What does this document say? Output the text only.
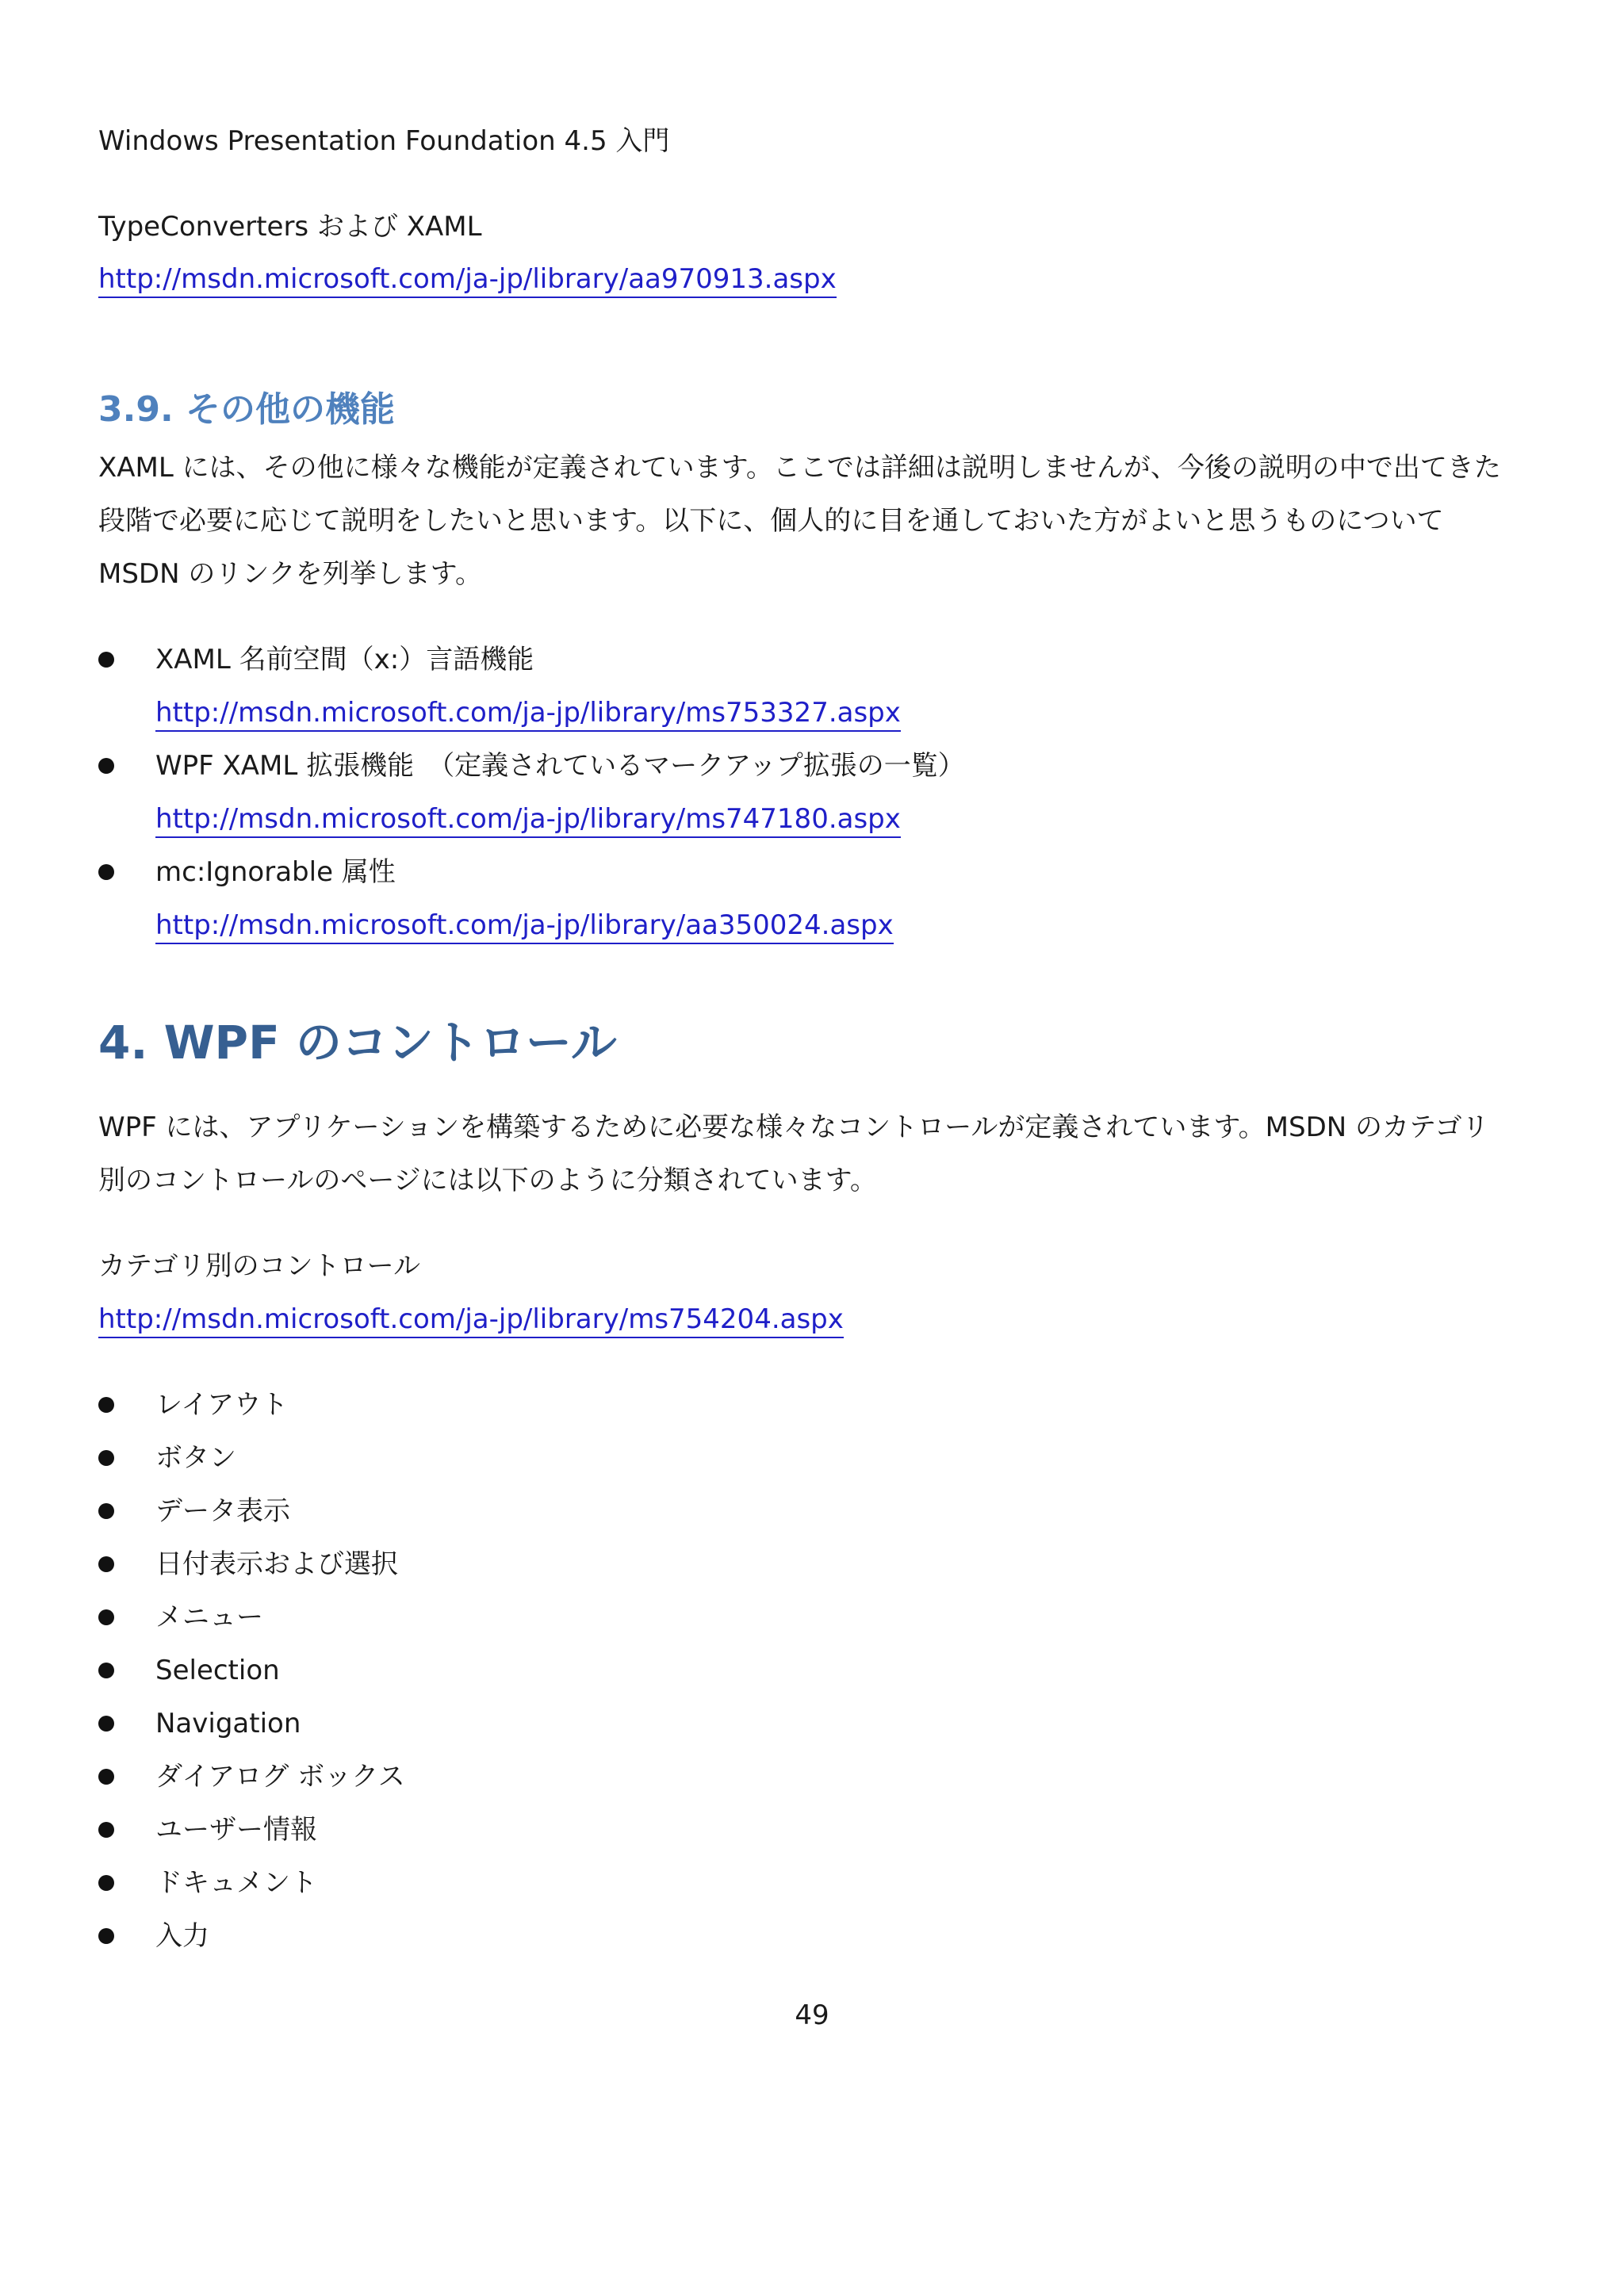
Windows Presentation Foundation 4.5 入門
TypeConverters および XAML
http://msdn.microsoft.com/ja-jp/library/aa970913.aspx
3.9. その他の機能
XAML には、その他に様々な機能が定義されています。ここでは詳細は説明しませんが、今後の説明の中で出てきた
段階で必要に応じて説明をしたいと思います。以下に、個人的に目を通しておいた方がよいと思うものについて
MSDN のリンクを列挙します。
XAML 名前空間（x:）言語機能
http://msdn.microsoft.com/ja-jp/library/ms753327.aspx
WPF XAML 拡張機能　（定義されているマークアップ拡張の一覧）
http://msdn.microsoft.com/ja-jp/library/ms747180.aspx
mc:Ignorable 属性
http://msdn.microsoft.com/ja-jp/library/aa350024.aspx
4. WPF のコントロール
WPF には、アプリケーションを構築するために必要な様々なコントロールが定義されています。MSDN のカテゴリ
別のコントロールのページには以下のように分類されています。
カテゴリ別のコントロール
http://msdn.microsoft.com/ja-jp/library/ms754204.aspx
レイアウト
ボタン
データ表示
日付表示および選択
メニュー
Selection
Navigation
ダイアログ ボックス
ユーザー情報
ドキュメント
入力
49
